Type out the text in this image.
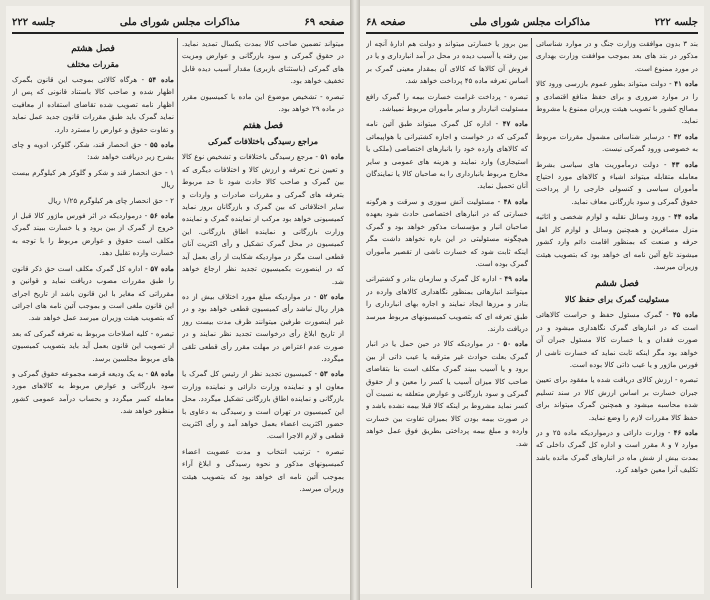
صفحه ۶۹
مذاکرات مجلس شورای ملی
جلسه ۲۲۲

میتواند تضمین صاحب کالا بمدت یکسال تمدید نماید. در حقوق گمرکی و سود بازرگانی و عوارض ومزیت های گمرکی (باستثنای بازبری) مقدار آسیب دیده قابل تخفیف خواهد بود.

تبصره - تشخیص موضوع این ماده با کمیسیون مقرر در ماده ۲۹ خواهد بود.

فصل هفتم
مراجع رسیدگی باختلافات گمرکی

ماده ۵۱ - مرجع رسیدگی باختلافات و تشخیص نوع کالا و تعیین نرخ تعرفه و ارزش کالا و اختلافات دیگری که بین گمرک و صاحب کالا حادث شود تا حد مربوط بتعرفه های گمرکی و مقررات صادرات و واردات و سایر اختلافاتی که بین گمرک و بازرگانان بروز نماید کمیسیونی خواهد بود مرکب از نماینده گمرک و نماینده وزارت بازرگانی و نماینده اطاق بازرگانی. این کمیسیون در محل گمرک تشکیل و رأی اکثریت آنان قطعی است مگر در مواردیکه شکایت از رأی بعمل آید که در اینصورت بکمیسیون تجدید نظر ارجاع خواهد شد.

ماده ۵۲ - در مواردیکه مبلغ مورد اختلاف بیش از ده هزار ریال نباشد رأی کمیسیون قطعی خواهد بود و در غیر اینصورت طرفین میتوانند ظرف مدت بیست روز از تاریخ ابلاغ رأی درخواست تجدید نظر نمایند و در صورت عدم اعتراض در مهلت مقرر رأی قطعی تلقی میگردد.

ماده ۵۳ - کمیسیون تجدید نظر از رئیس کل گمرک یا معاون او و نماینده وزارت دارائی و نماینده وزارت بازرگانی و نماینده اطاق بازرگانی تشکیل میگردد. محل این کمیسیون در تهران است و رسیدگی به دعاوی با حضور اکثریت اعضاء بعمل خواهد آمد و رأی اکثریت قطعی و لازم الاجرا است.

تبصره - ترتیب انتخاب و مدت عضویت اعضاء کمیسیونهای مذکور و نحوه رسیدگی و ابلاغ آراء بموجب آئین نامه ای خواهد بود که بتصویب هیئت وزیران میرسد.

فصل هشتم
مقررات مختلف

ماده ۵۴ - هرگاه کالائی بموجب این قانون بگمرک اظهار شده و صاحب کالا باستناد قانونی که پس از اظهار نامه تصویب شده تقاضای استفاده از معافیت نماید گمرک باید طبق مقررات قانون جدید عمل نماید و تفاوت حقوق و عوارض را مسترد دارد.

ماده ۵۵ - حق انحصار قند، شکر، گلوکز، ادویه و چای بشرح زیر دریافت خواهد شد:

۱ - حق انحصار قند و شکر و گلوکز هر کیلوگرم بیست ریال

۲ - حق انحصار چای هر کیلوگرم ۱/۲۵ ریال

ماده ۵۶ - درمواردیکه در اثر فورس ماژور کالا قبل از خروج از گمرک از بین برود و یا خسارت ببیند گمرک مکلف است حقوق و عوارض مربوط را با توجه به خسارت وارده تقلیل دهد.

ماده ۵۷ - اداره کل گمرک مکلف است حق ذکر قانون را طبق مقررات مصوب دریافت نماید و قوانین و مقرراتی که مغایر با این قانون باشد از تاریخ اجرای این قانون ملغی است و بموجب آئین نامه های اجرائی که بتصویب هیئت وزیران میرسد عمل خواهد شد.

تبصره - کلیه اصلاحات مربوط به تعرفه گمرکی که بعد از تصویب این قانون بعمل آید باید بتصویب کمیسیون های مربوط مجلسین برسد.

ماده ۵۸ - به یک ودیعه قرضه مجموعه حقوق گمرکی و سود بازرگانی و عوارض مربوط به کالاهای مورد معامله کسر میگردد و بحساب درآمد عمومی کشور منظور خواهد شد.

جلسه ۲۲۲
مذاکرات مجلس شورای ملی
صفحه ۶۸

بند ۳ بدون موافقت وزارت جنگ و در موارد شناسائی مذکور در بند های بعد بموجب موافقت وزارت بهداری در مورد ممنوع است.

ماده ۴۱ - دولت میتواند بطور عموم بازرسی ورود کالا را در موارد ضروری و برای حفظ منافع اقتصادی و مصالح کشور با تصویب هیئت وزیران ممنوع یا مشروط نماید.

ماده ۴۲ - درسایر شناسائی مشمول مقررات مربوط به خصوصی ورود گمرکی نیست.

ماده ۴۳ - دولت درمأموریت های سیاسی بشرط معامله متقابله میتواند اشیاء و کالاهای مورد احتیاج مأموران سیاسی و کنسولی خارجی را از پرداخت حقوق گمرکی و سود بازرگانی معاف نماید.

ماده ۴۴ - ورود وسائل نقلیه و لوازم شخصی و اثاثیه منزل مسافرین و همچنین وسائل و لوازم کار اهل حرفه و صنعت که بمنظور اقامت دائم وارد کشور میشوند تابع آئین نامه ای خواهد بود که بتصویب هیئت وزیران میرسد.

فصل ششم
مسئولیت گمرک برای حفظ کالا

ماده ۴۵ - گمرک مسئول حفظ و حراست کالاهائی است که در انبارهای گمرک نگاهداری میشود و در صورت فقدان و یا خسارت کالا مسئول جبران آن خواهد بود مگر اینکه ثابت نماید که خسارت ناشی از فورس ماژور و یا عیب ذاتی کالا بوده است.

تبصره - ارزش کالای دریافت شده یا مفقود برای تعیین جبران خسارت بر اساس ارزش کالا در سند تسلیم شده محاسبه میشود و همچنین گمرک میتواند برای حفظ کالا مقررات لازم را وضع نماید.

ماده ۴۶ - وزارت دارائی و درمواردیکه ماده ۲۵ و در موارد ۷ و ۸ مقرر است و اداره کل گمرک داخلی که بمدت بیش از شش ماه در انبارهای گمرک مانده باشد تکلیف آنرا معین خواهد کرد.

بین بروز یا خسارتی میتواند و دولت هم ادارهٔ آنچه از بین رفته یا آسیب دیده در محل در آمد انبارداری و یا در فروش آن کالاها که کالای آن بمقدار معینی گمرک بر اساس تعرفه ماده ۴۵ پرداخت خواهد شد.

تبصره - پرداخت غرامت خسارت بیمه را گمرک رافع مسئولیت انباردار و سایر مأموران مربوط نمیباشد.

ماده ۴۷ - اداره کل گمرک میتواند طبق آئین نامه گمرکی که در خواست و اجازه کشتیرانی یا هواپیمائی که کالاهای وارده خود را بانبارهای اختصاصی (ملکی یا استیجاری) وارد نمایند و هزینه های عمومی و سایر مخارج مربوط بانبارداری را به صاحبان کالا یا نمایندگان آنان تحمیل نماید.

ماده ۴۸ - مسئولیت آتش سوزی و سرقت و هرگونه خسارتی که در انبارهای اختصاصی حادث شود بعهده صاحبان انبار و مؤسسات مذکور خواهد بود و گمرک هیچگونه مسئولیتی در این باره نخواهد داشت مگر اینکه ثابت شود که خسارت ناشی از تقصیر مأموران گمرک بوده است.

ماده ۴۹ - اداره کل گمرک و سازمان بنادر و کشتیرانی میتوانند انبارهائی بمنظور نگاهداری کالاهای وارده در بنادر و مرزها ایجاد نمایند و اجاره بهای انبارداری را طبق تعرفه ای که بتصویب کمیسیونهای مربوط میرسد دریافت دارند.

ماده ۵۰ - در مواردیکه کالا در حین حمل یا در انبار گمرک بعلت حوادث غیر مترقبه یا عیب ذاتی از بین برود و یا آسیب ببیند گمرک مکلف است بنا بتقاضای صاحب کالا میزان آسیب یا کسر را معین و از حقوق گمرکی و سود بازرگانی و عوارض متعلقه به نسبت آن کسر نماید مشروط بر اینکه کالا قبلا بیمه نشده باشد و در صورت بیمه بودن کالا بمیزان تفاوت بین خسارت وارده و مبلغ بیمه پرداختی بطریق فوق عمل خواهد شد.
